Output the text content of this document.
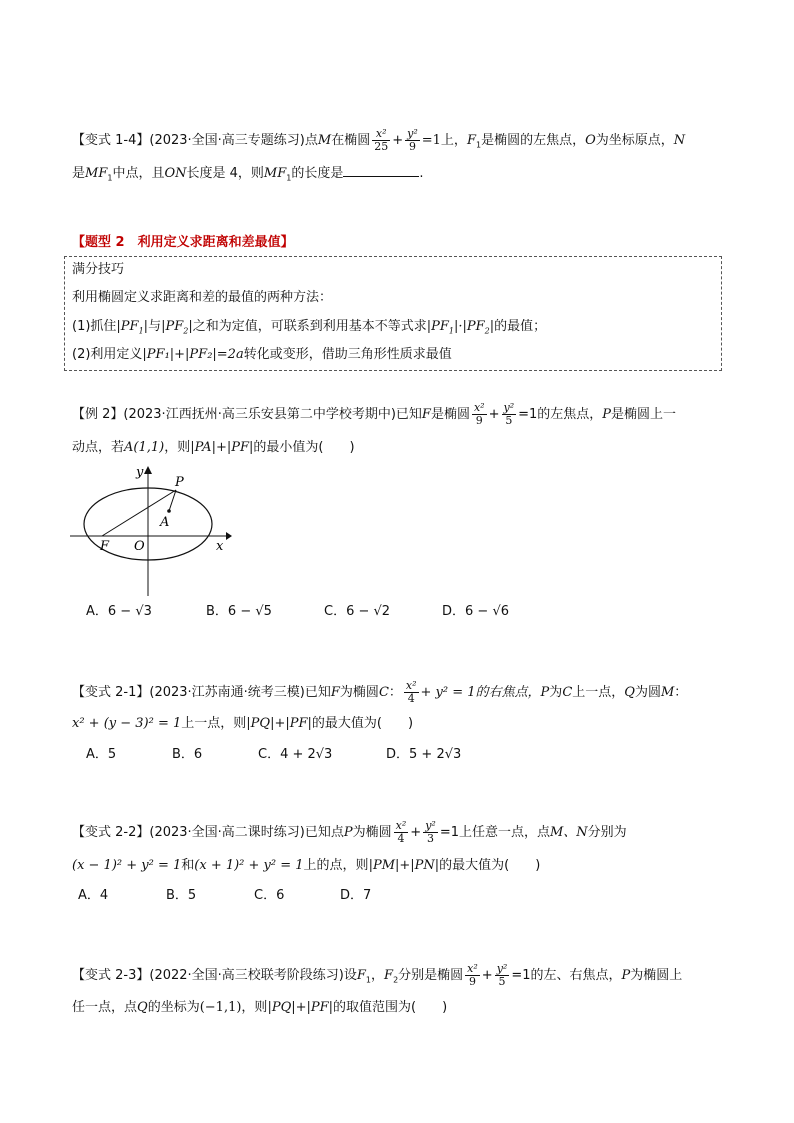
【变式 1-4】(2023·全国·高三专题练习)点M在椭圆 $\frac{\text{x²}}{25} + \frac{\text{y²}}{9} =1$上，$F_1$是椭圆的左焦点，O为坐标原点，N
是$MF_1$中点，且ON长度是 4，则$MF_1$的长度是	.
【题型 2　利用定义求距离和差最值】
满分技巧
利用椭圆定义求距离和差的最值的两种方法：
(1)抓住$|PF_1|$与$|PF_2|$之和为定值，可联系到利用基本不等式求$|PF_1|\cdot|PF_2|$的最值；
(2)利用定义|PF₁|+|PF₂|=2a转化或变形，借助三角形性质求最值
【例 2】(2023·江西抚州·高三乐安县第二中学校考期中)已知F是椭圆 $\frac{\text{x²}}{9} + \frac{\text{y²}}{5} =1$的左焦点，P是椭圆上一
动点，若A(1,1)，则|PA|+|PF|的最小值为(　　)
y
x
P
A
F O
A．6 − √3	B．6 − √5	C．6 − √2	D．6 − √6
【变式 2-1】(2023·江苏南通·统考三模)已知F为椭圆C： $\frac{\text{x²}}{4} + y^2 = 1$的右焦点，P为C上一点，Q为圆M：
x² + (y − 3)² = 1上一点，则|PQ|+|PF|的最大值为(　　)
A．5	B．6	C．4 + 2√3	D．5 + 2√3
【变式 2-2】(2023·全国·高二课时练习)已知点P为椭圆 $\frac{\text{x²}}{4} + \frac{\text{y²}}{3} =1$上任意一点，点M、N分别为
(x − 1)² + y² = 1和(x + 1)² + y² = 1上的点，则|PM|+|PN|的最大值为(　　)
A．4	B．5	C．6	D．7
【变式 2-3】(2022·全国·高三校联考阶段练习)设$F_1$，$F_2$分别是椭圆 $\frac{\text{x²}}{9} + \frac{\text{y²}}{5} =1$的左、右焦点，P为椭圆上
任一点，点Q的坐标为(−1,1)，则|PQ|+|PF|的取值范围为(　　)
